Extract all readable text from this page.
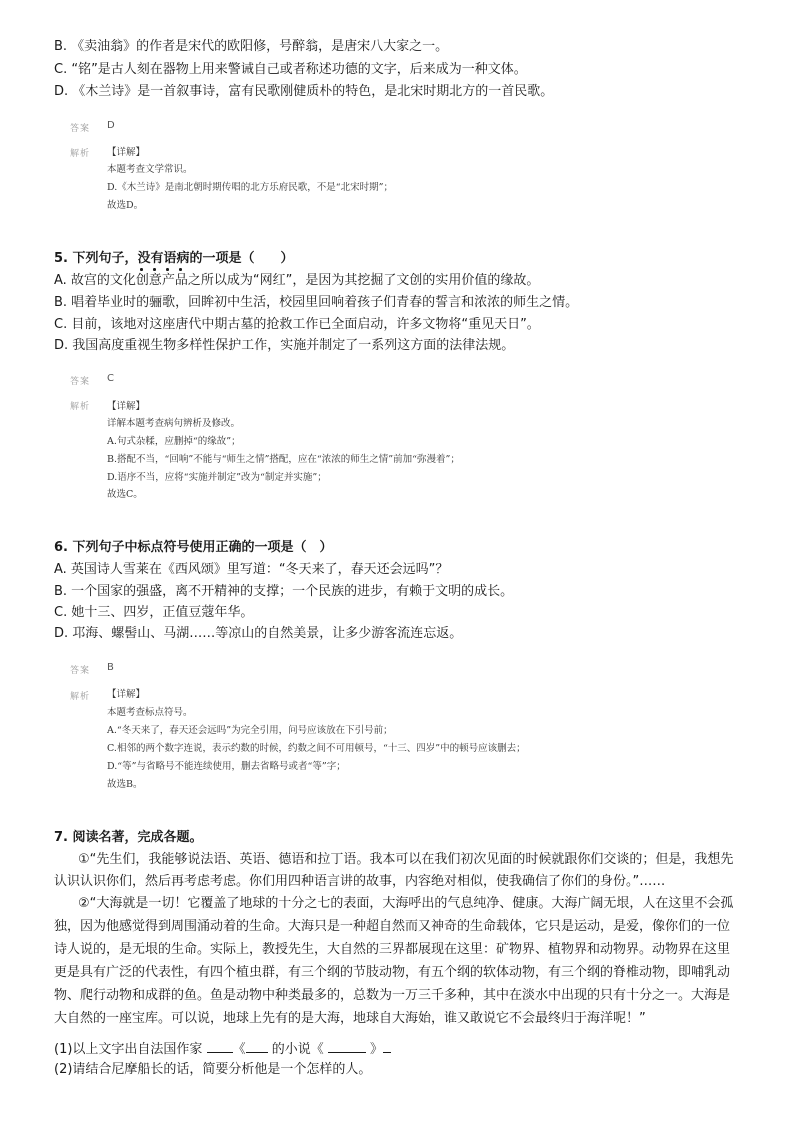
B. 《卖油翁》的作者是宋代的欧阳修，号醉翁，是唐宋八大家之一。
C. “铭”是古人刻在器物上用来警诫自己或者称述功德的文字，后来成为一种文体。
D. 《木兰诗》是一首叙事诗，富有民歌刚健质朴的特色，是北宋时期北方的一首民歌。
答案 D
解析 【详解】
本题考查文学常识。
D.《木兰诗》是南北朝时期传唱的北方乐府民歌，不是“北宋时期”；
故选D。
5. 下列句子，没有语病的一项是（　　）
A. 故宫的文化创意产品之所以成为“网红”，是因为其挖掘了文创的实用价值的缘故。
B. 唱着毕业时的骊歌，回眸初中生活，校园里回响着孩子们青春的誓言和浓浓的师生之情。
C. 目前，该地对这座唐代中期古墓的抢救工作已全面启动，许多文物将“重见天日”。
D. 我国高度重视生物多样性保护工作，实施并制定了一系列这方面的法律法规。
答案 C
解析 【详解】
详解本题考查病句辨析及修改。
A.句式杂糅，应删掉“的缘故”；
B.搭配不当，“回响”不能与“师生之情”搭配，应在“浓浓的师生之情”前加“弥漫着”；
D.语序不当，应将“实施并制定”改为“制定并实施”；
故选C。
6. 下列句子中标点符号使用正确的一项是（　）
A. 英国诗人雪莱在《西风颂》里写道：“冬天来了，春天还会远吗”？
B. 一个国家的强盛，离不开精神的支撑；一个民族的进步，有赖于文明的成长。
C. 她十三、四岁，正值豆蔻年华。
D. 邛海、螺髻山、马湖……等凉山的自然美景，让多少游客流连忘返。
答案 B
解析 【详解】
本题考查标点符号。
A.“冬天来了，春天还会远吗”为完全引用，问号应该放在下引号前；
C.相邻的两个数字连说，表示约数的时候，约数之间不可用顿号，“十三、四岁”中的顿号应该删去；
D.“等”与省略号不能连续使用，删去省略号或者“等”字；
故选B。
7. 阅读名著，完成各题。
①“先生们，我能够说法语、英语、德语和拉丁语。我本可以在我们初次见面的时候就跟你们交谈的；但是，我想先
认识认识你们，然后再考虑考虑。你们用四种语言讲的故事，内容绝对相似，使我确信了你们的身份。”……
②“大海就是一切！它覆盖了地球的十分之七的表面，大海呼出的气息纯净、健康。大海广阔无垠，人在这里不会孤
独，因为他感觉得到周围涌动着的生命。大海只是一种超自然而又神奇的生命载体，它只是运动，是爱，像你们的一位
诗人说的，是无垠的生命。实际上，教授先生，大自然的三界都展现在这里：矿物界、植物界和动物界。动物界在这里
更是具有广泛的代表性，有四个植虫群，有三个纲的节肢动物，有五个纲的软体动物，有三个纲的脊椎动物，即哺乳动
物、爬行动物和成群的鱼。鱼是动物中种类最多的，总数为一万三千多种，其中在淡水中出现的只有十分之一。大海是
大自然的一座宝库。可以说，地球上先有的是大海，地球自大海始，谁又敢说它不会最终归于海洋呢！”
(1)以上文字出自法国作家 《 的小说《	》
(2)请结合尼摩船长的话，简要分析他是一个怎样的人。
